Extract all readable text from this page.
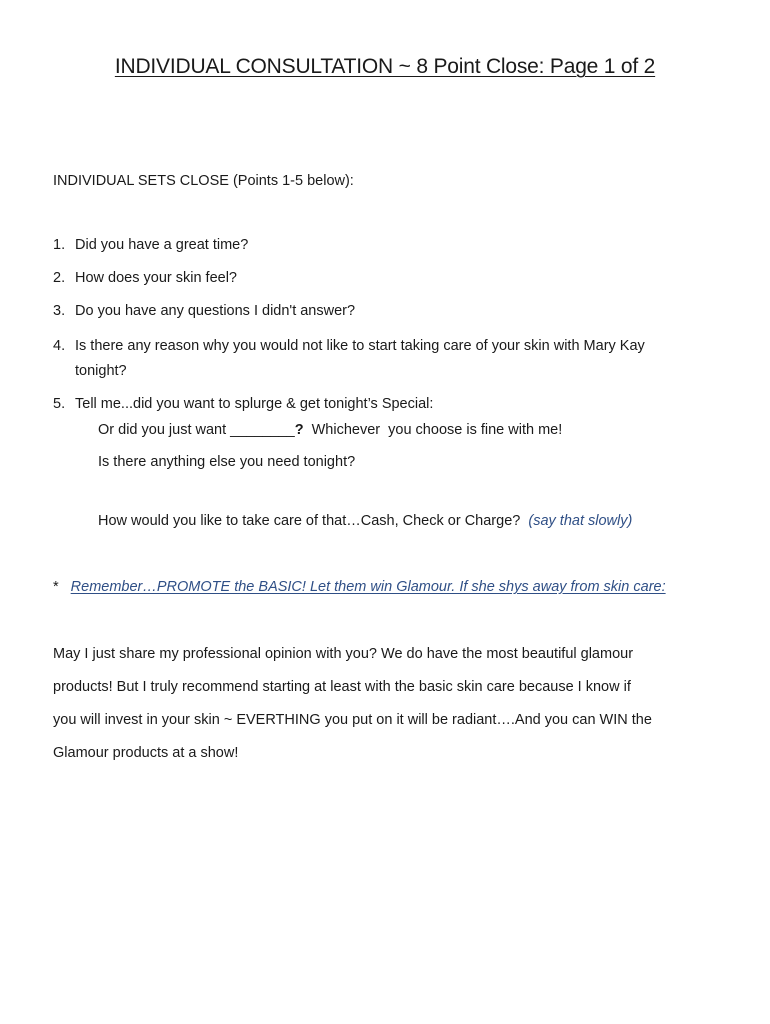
INDIVIDUAL CONSULTATION ~ 8 Point Close: Page 1 of 2
INDIVIDUAL SETS CLOSE (Points 1-5 below):
1. Did you have a great time?
2. How does your skin feel?
3. Do you have any questions I didn't answer?
4. Is there any reason why you would not like to start taking care of your skin with Mary Kay
tonight?
5. Tell me...did you want to splurge & get tonight’s Special:
Or did you just want ________?  Whichever  you choose is fine with me!
Is there anything else you need tonight?
How would you like to take care of that…Cash, Check or Charge?  (say that slowly)
* Remember…PROMOTE the BASIC! Let them win Glamour. If she shys away from skin care:
May I just share my professional opinion with you? We do have the most beautiful glamour
products! But I truly recommend starting at least with the basic skin care because I know if
you will invest in your skin ~ EVERTHING you put on it will be radiant….And you can WIN the
Glamour products at a show!
